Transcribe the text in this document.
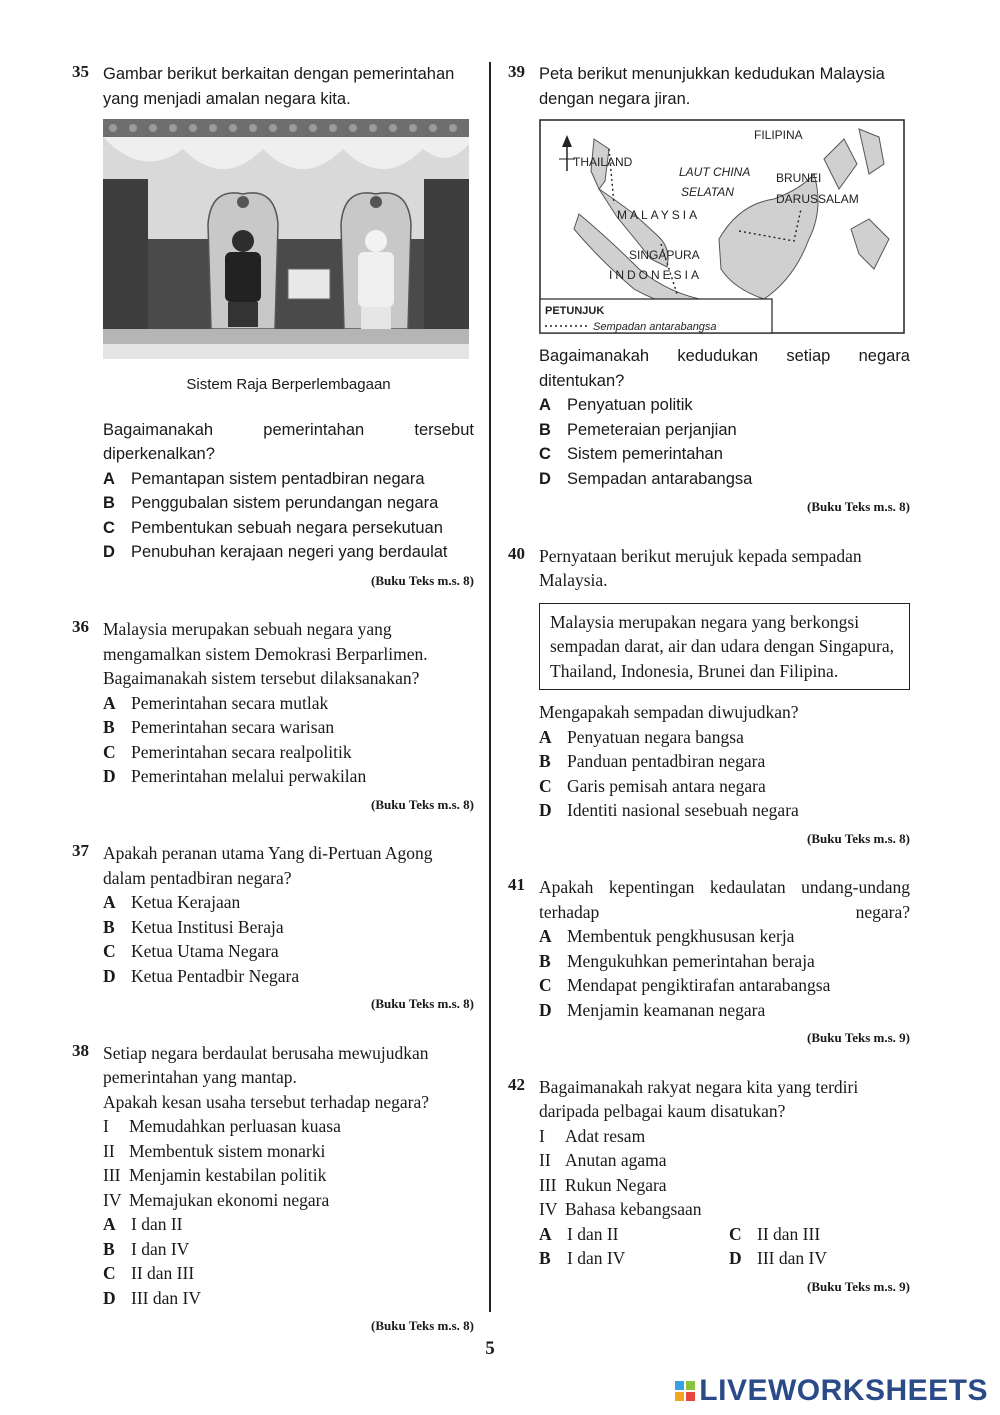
35 Gambar berikut berkaitan dengan pemerintahan yang menjadi amalan negara kita.

Sistem Raja Berperlembagaan

Bagaimanakah pemerintahan tersebut diperkenalkan?

A Pemantapan sistem pentadbiran negara
B Penggubalan sistem perundangan negara
C Pembentukan sebuah negara persekutuan
D Penubuhan kerajaan negeri yang berdaulat
(Buku Teks m.s. 8)
36 Malaysia merupakan sebuah negara yang mengamalkan sistem Demokrasi Berparlimen. Bagaimanakah sistem tersebut dilaksanakan?

A Pemerintahan secara mutlak
B Pemerintahan secara warisan
C Pemerintahan secara realpolitik
D Pemerintahan melalui perwakilan
(Buku Teks m.s. 8)
37 Apakah peranan utama Yang di-Pertuan Agong dalam pentadbiran negara?

A Ketua Kerajaan
B Ketua Institusi Beraja
C Ketua Utama Negara
D Ketua Pentadbir Negara
(Buku Teks m.s. 8)
38 Setiap negara berdaulat berusaha mewujudkan pemerintahan yang mantap.

Apakah kesan usaha tersebut terhadap negara?

I	Memudahkan perluasan kuasa
II Membentuk sistem monarki
III Menjamin kestabilan politik
IV Memajukan ekonomi negara
A I dan II
B I dan IV
C II dan III
D III dan IV
(Buku Teks m.s. 8)
39 Peta berikut menunjukkan kedudukan Malaysia dengan negara jiran.

FILIPINA
THAILAND
LAUT CHINA
SELATAN
BRUNEI
DARUSSALAM
MALAYSIA
SINGAPURA
INDONESIA
PETUNJUK
Sempadan antarabangsa

Bagaimanakah kedudukan setiap negara ditentukan?

A Penyatuan politik
B Pemeteraian perjanjian
C Sistem pemerintahan
D Sempadan antarabangsa
(Buku Teks m.s. 8)
40 Pernyataan berikut merujuk kepada sempadan Malaysia.

Malaysia merupakan negara yang berkongsi sempadan darat, air dan udara dengan Singapura, Thailand, Indonesia, Brunei dan Filipina.

Mengapakah sempadan diwujudkan?

A Penyatuan negara bangsa
B Panduan pentadbiran negara
C Garis pemisah antara negara
D Identiti nasional sesebuah negara
(Buku Teks m.s. 8)
41 Apakah kepentingan kedaulatan undang-undang terhadap negara?

A Membentuk pengkhususan kerja
B Mengukuhkan pemerintahan beraja
C Mendapat pengiktirafan antarabangsa
D Menjamin keamanan negara
(Buku Teks m.s. 9)
42 Bagaimanakah rakyat negara kita yang terdiri daripada pelbagai kaum disatukan?

I	Adat resam
II Anutan agama
III Rukun Negara
IV Bahasa kebangsaan
A I dan II	C II dan III
B I dan IV	D III dan IV
(Buku Teks m.s. 9)
5
LIVEWORKSHEETS
